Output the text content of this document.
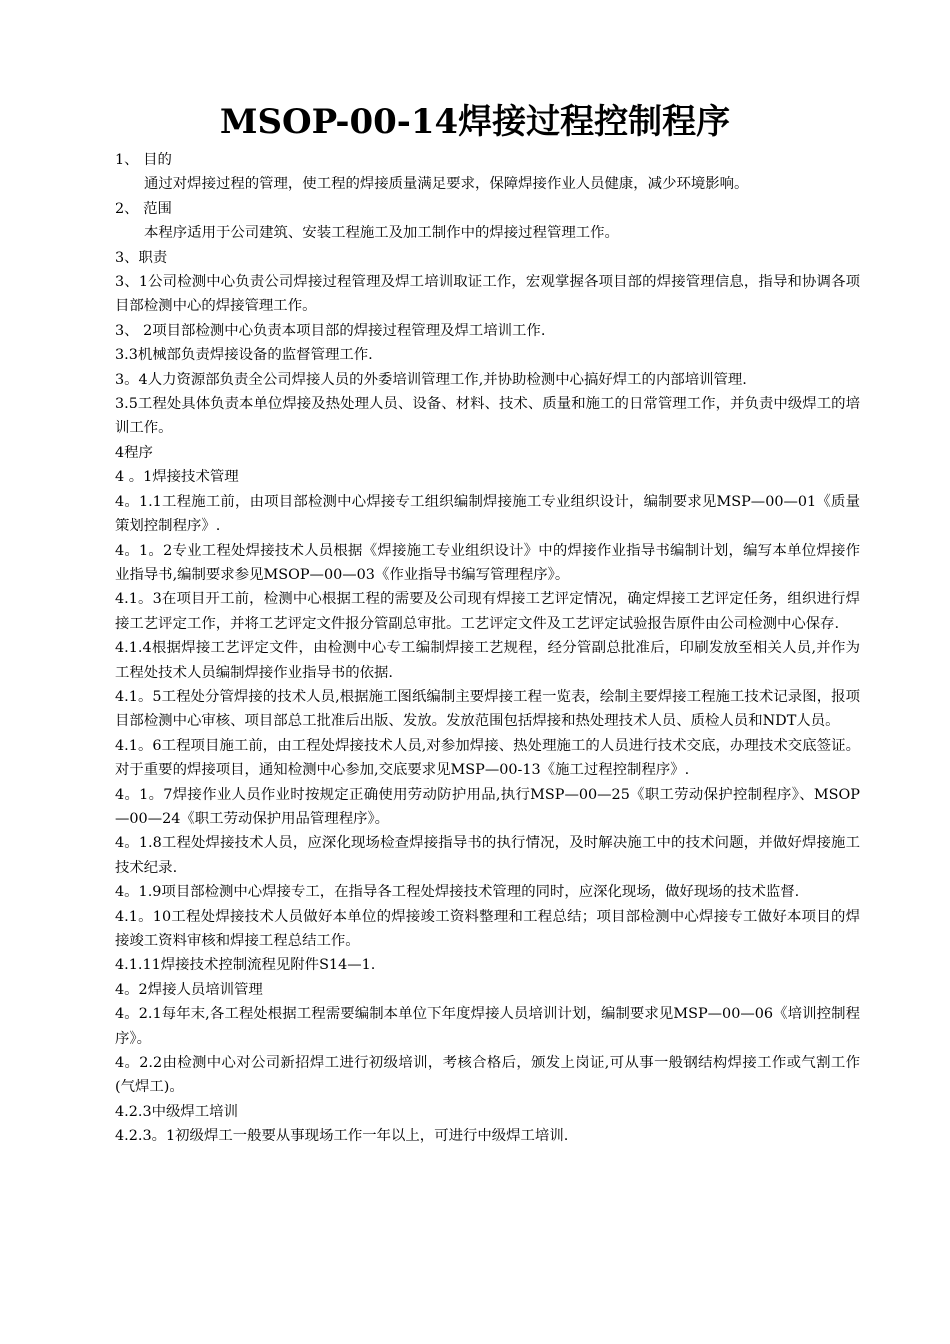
MSOP-00-14焊接过程控制程序

1、 目的

通过对焊接过程的管理，使工程的焊接质量满足要求，保障焊接作业人员健康，减少环境影响。

2、 范围

本程序适用于公司建筑、安装工程施工及加工制作中的焊接过程管理工作。

3、职责

3、1公司检测中心负责公司焊接过程管理及焊工培训取证工作，宏观掌握各项目部的焊接管理信息，指导和协调各项目部检测中心的焊接管理工作。

3、 2项目部检测中心负责本项目部的焊接过程管理及焊工培训工作.

3.3机械部负责焊接设备的监督管理工作.

3。4人力资源部负责全公司焊接人员的外委培训管理工作,并协助检测中心搞好焊工的内部培训管理.

3.5工程处具体负责本单位焊接及热处理人员、设备、材料、技术、质量和施工的日常管理工作，并负责中级焊工的培训工作。

4程序

4 。1焊接技术管理

4。1.1工程施工前，由项目部检测中心焊接专工组织编制焊接施工专业组织设计，编制要求见MSP—00—01《质量策划控制程序》.

4。1。2专业工程处焊接技术人员根据《焊接施工专业组织设计》中的焊接作业指导书编制计划，编写本单位焊接作业指导书,编制要求参见MSOP—00—03《作业指导书编写管理程序》。

4.1。3在项目开工前，检测中心根据工程的需要及公司现有焊接工艺评定情况，确定焊接工艺评定任务，组织进行焊接工艺评定工作，并将工艺评定文件报分管副总审批。工艺评定文件及工艺评定试验报告原件由公司检测中心保存.

4.1.4根据焊接工艺评定文件，由检测中心专工编制焊接工艺规程，经分管副总批准后，印刷发放至相关人员,并作为工程处技术人员编制焊接作业指导书的依据.

4.1。5工程处分管焊接的技术人员,根据施工图纸编制主要焊接工程一览表，绘制主要焊接工程施工技术记录图，报项目部检测中心审核、项目部总工批准后出版、发放。发放范围包括焊接和热处理技术人员、质检人员和NDT人员。

4.1。6工程项目施工前，由工程处焊接技术人员,对参加焊接、热处理施工的人员进行技术交底，办理技术交底签证。对于重要的焊接项目，通知检测中心参加,交底要求见MSP—00-13《施工过程控制程序》.

4。1。7焊接作业人员作业时按规定正确使用劳动防护用品,执行MSP—00—25《职工劳动保护控制程序》、MSOP—00—24《职工劳动保护用品管理程序》。

4。1.8工程处焊接技术人员，应深化现场检查焊接指导书的执行情况，及时解决施工中的技术问题，并做好焊接施工技术纪录.

4。1.9项目部检测中心焊接专工，在指导各工程处焊接技术管理的同时，应深化现场，做好现场的技术监督.

4.1。10工程处焊接技术人员做好本单位的焊接竣工资料整理和工程总结；项目部检测中心焊接专工做好本项目的焊接竣工资料审核和焊接工程总结工作。

4.1.11焊接技术控制流程见附件S14—1.

4。2焊接人员培训管理

4。2.1每年末,各工程处根据工程需要编制本单位下年度焊接人员培训计划，编制要求见MSP—00—06《培训控制程序》。

4。2.2由检测中心对公司新招焊工进行初级培训，考核合格后，颁发上岗证,可从事一般钢结构焊接工作或气割工作(气焊工)。

4.2.3中级焊工培训

4.2.3。1初级焊工一般要从事现场工作一年以上，可进行中级焊工培训.
